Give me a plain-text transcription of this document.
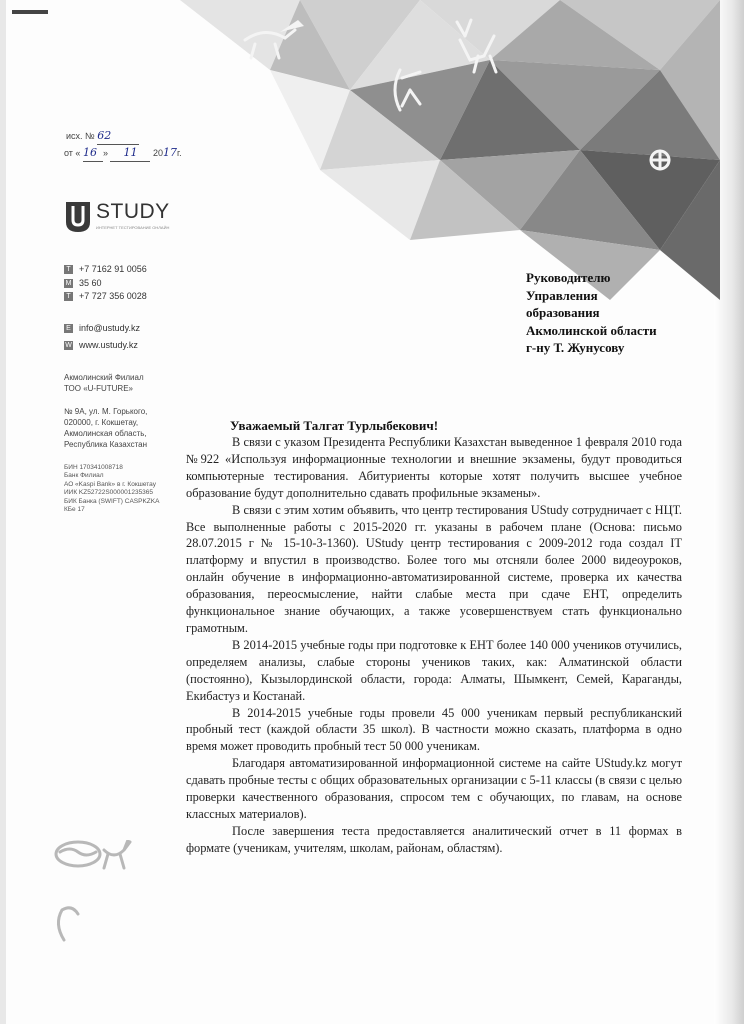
исх. № 62
от « 16 » 11 2017г.
STUDY
ИНТЕРНЕТ ТЕСТИРОВАНИЕ ОНЛАЙН
T +7 7162 91 0056
M 35 60
T +7 727 356 0028
E info@ustudy.kz
W www.ustudy.kz
Акмолинский Филиал
ТОО «U-FUTURE»
№ 9А, ул. М. Горького,
020000, г. Кокшетау,
Акмолинская область,
Республика Казахстан
БИН 170341008718
Банк Филиал
АО «Kaspi Bank» в г. Кокшетау
ИИК KZ52722S000001235365
БИК Банка (SWIFT) CASPKZKA
КБе 17
Руководителю
Управления
образования
Акмолинской области
г-ну Т. Жунусову
Уважаемый Талгат Турлыбекович!

В связи с указом Президента Республики Казахстан выведенное 1 февраля 2010 года №922 «Используя информационные технологии и внешние экзамены, будут проводиться компьютерные тестирования. Абитуриенты которые хотят получить высшее учебное образование будут дополнительно сдавать профильные экзамены».

В связи с этим хотим объявить, что центр тестирования UStudy сотрудничает с НЦТ. Все выполненные работы с 2015-2020 гг. указаны в рабочем плане (Основа: письмо 28.07.2015 г № 15-10-3-1360). UStudy центр тестирования с 2009-2012 года создал IT платформу и впустил в производство. Более того мы отсняли более 2000 видеоуроков, онлайн обучение в информационно-автоматизированной системе, проверка их качества образования, переосмысление, найти слабые места при сдаче ЕНТ, определить функциональное знание обучающих, а также усовершенствуем стать функционально грамотным.

В 2014-2015 учебные годы при подготовке к ЕНТ более 140 000 учеников отучились, определяем анализы, слабые стороны учеников таких, как: Алматинской области (постоянно), Кызылординской области, города: Алматы, Шымкент, Семей, Караганды, Екибастуз и Костанай.

В 2014-2015 учебные годы провели 45 000 ученикам первый республиканский пробный тест (каждой области 35 школ). В частности можно сказать, платформа в одно время может проводить пробный тест 50 000 ученикам.

Благодаря автоматизированной информационной системе на сайте UStudy.kz могут сдавать пробные тесты с общих образовательных организации с 5-11 классы (в связи с целью проверки качественного образования, спросом тем с обучающих, по главам, на основе классных материалов).

После завершения теста предоставляется аналитический отчет в 11 формах в формате (ученикам, учителям, школам, районам, областям).
